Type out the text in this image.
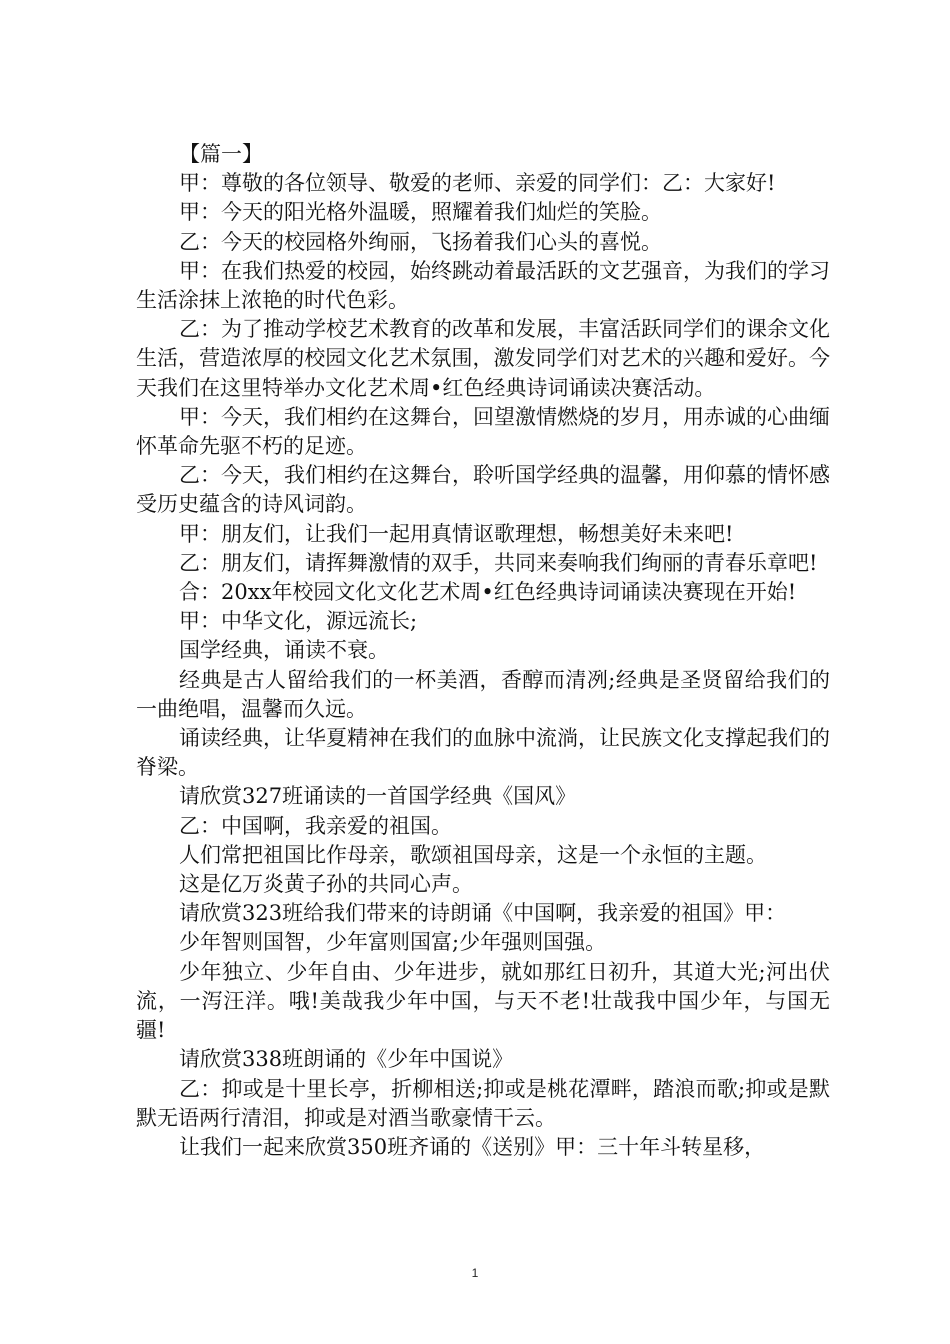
【篇一】

甲：尊敬的各位领导、敬爱的老师、亲爱的同学们：乙：大家好!

甲：今天的阳光格外温暖，照耀着我们灿烂的笑脸。

乙：今天的校园格外绚丽，飞扬着我们心头的喜悦。

甲：在我们热爱的校园，始终跳动着最活跃的文艺强音，为我们的学习生活涂抹上浓艳的时代色彩。

乙：为了推动学校艺术教育的改革和发展，丰富活跃同学们的课余文化生活，营造浓厚的校园文化艺术氛围，激发同学们对艺术的兴趣和爱好。今天我们在这里特举办文化艺术周•红色经典诗词诵读决赛活动。

甲：今天，我们相约在这舞台，回望激情燃烧的岁月，用赤诚的心曲缅怀革命先驱不朽的足迹。

乙：今天，我们相约在这舞台，聆听国学经典的温馨，用仰慕的情怀感受历史蕴含的诗风词韵。

甲：朋友们，让我们一起用真情讴歌理想，畅想美好未来吧!

乙：朋友们，请挥舞激情的双手，共同来奏响我们绚丽的青春乐章吧!

合：20xx年校园文化文化艺术周•红色经典诗词诵读决赛现在开始!

甲：中华文化，源远流长;

国学经典，诵读不衰。

经典是古人留给我们的一杯美酒，香醇而清冽;经典是圣贤留给我们的一曲绝唱，温馨而久远。

诵读经典，让华夏精神在我们的血脉中流淌，让民族文化支撑起我们的脊梁。

请欣赏327班诵读的一首国学经典《国风》

乙：中国啊，我亲爱的祖国。

人们常把祖国比作母亲，歌颂祖国母亲，这是一个永恒的主题。

这是亿万炎黄子孙的共同心声。

请欣赏323班给我们带来的诗朗诵《中国啊，我亲爱的祖国》甲：

少年智则国智，少年富则国富;少年强则国强。

少年独立、少年自由、少年进步，就如那红日初升，其道大光;河出伏流，一泻汪洋。哦!美哉我少年中国，与天不老!壮哉我中国少年，与国无疆!

请欣赏338班朗诵的《少年中国说》

乙：抑或是十里长亭，折柳相送;抑或是桃花潭畔，踏浪而歌;抑或是默默无语两行清泪，抑或是对酒当歌豪情干云。

让我们一起来欣赏350班齐诵的《送别》甲：三十年斗转星移，

1
